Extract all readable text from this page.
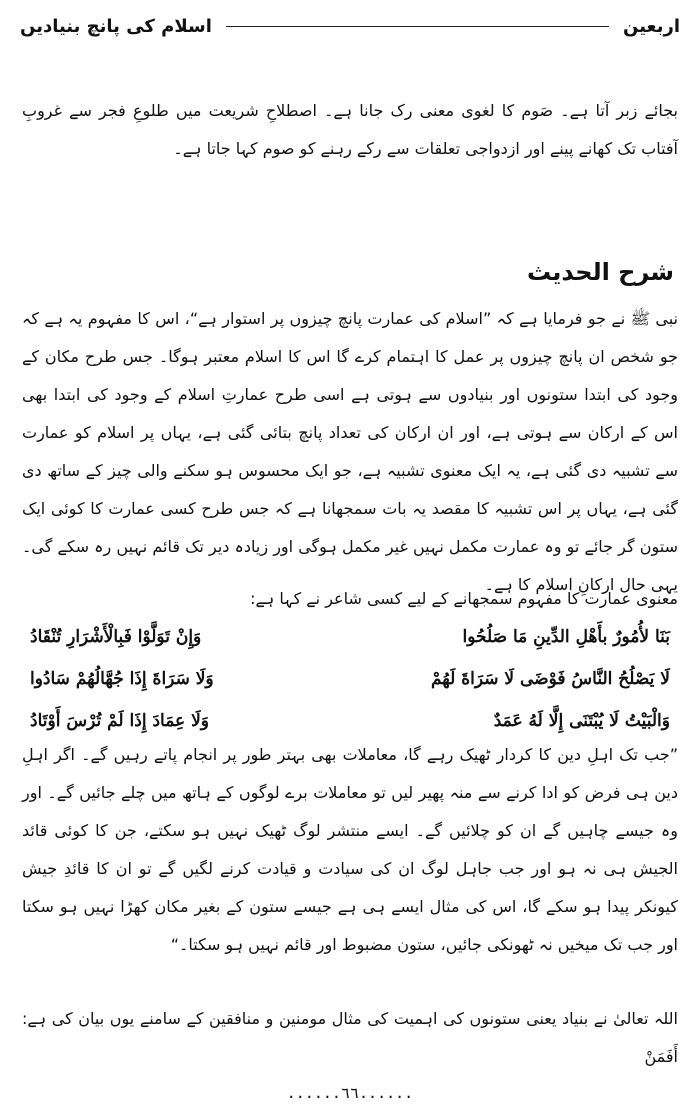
اربعین
اسلام کی پانچ بنیادیں
بجائے زبر آتا ہے۔ صَوم کا لغوی معنی رک جانا ہے۔ اصطلاحِ شریعت میں طلوعِ فجر سے غروبِ آفتاب تک کھانے پینے اور ازدواجی تعلقات سے رکے رہنے کو صوم کہا جاتا ہے۔
شرح الحدیث
نبی ﷺ نے جو فرمایا ہے کہ ”اسلام کی عمارت پانچ چیزوں پر استوار ہے“، اس کا مفہوم یہ ہے کہ جو شخص ان پانچ چیزوں پر عمل کا اہتمام کرے گا اس کا اسلام معتبر ہوگا۔ جس طرح مکان کے وجود کی ابتدا ستونوں اور بنیادوں سے ہوتی ہے اسی طرح عمارتِ اسلام کے وجود کی ابتدا بھی اس کے ارکان سے ہوتی ہے، اور ان ارکان کی تعداد پانچ بتائی گئی ہے، یہاں پر اسلام کو عمارت سے تشبیہ دی گئی ہے، یہ ایک معنوی تشبیہ ہے، جو ایک محسوس ہو سکنے والی چیز کے ساتھ دی گئی ہے، یہاں پر اس تشبیہ کا مقصد یہ بات سمجھانا ہے کہ جس طرح کسی عمارت کا کوئی ایک ستون گر جائے تو وہ عمارت مکمل نہیں غیر مکمل ہوگی اور زیادہ دیر تک قائم نہیں رہ سکے گی۔ یہی حال ارکانِ اسلام کا ہے۔
معنوی عمارت کا مفہوم سمجھانے کے لیے کسی شاعر نے کہا ہے:
بَنَا لأُمُورٌ بأَهْلِ الدِّينِ مَا صَلُحُوا
وَإِنْ تَوَلَّوْا فَبِالْأَشْرَارِ تُنْقَادُ
لَا يَصْلُحُ النَّاسُ فَوْضَى لَا سَرَاةَ لَهُمْ
وَلَا سَرَاةَ إِذَا جُهَّالُهُمْ سَادُوا
وَالْبَيْتُ لَا يُبْتَنَى إِلَّا لَهُ عَمَدٌ
وَلَا عِمَادَ إِذَا لَمْ تُرْسَ أَوْتَادُ
”جب تک اہلِ دین کا کردار ٹھیک رہے گا، معاملات بھی بہتر طور پر انجام پاتے رہیں گے۔ اگر اہلِ دین ہی فرض کو ادا کرنے سے منہ پھیر لیں تو معاملات برے لوگوں کے ہاتھ میں چلے جائیں گے۔ اور وہ جیسے چاہیں گے ان کو چلائیں گے۔ ایسے منتشر لوگ ٹھیک نہیں ہو سکتے، جن کا کوئی قائد الجیش ہی نہ ہو اور جب جاہل لوگ ان کی سیادت و قیادت کرنے لگیں گے تو ان کا قائدِ جیش کیونکر پیدا ہو سکے گا، اس کی مثال ایسے ہی ہے جیسے ستون کے بغیر مکان کھڑا نہیں ہو سکتا اور جب تک میخیں نہ ٹھونکی جائیں، ستون مضبوط اور قائم نہیں ہو سکتا۔“
اللہ تعالیٰ نے بنیاد یعنی ستونوں کی اہمیت کی مثال مومنین و منافقین کے سامنے یوں بیان کی ہے: أَفَمَنْ
......٦٦......
